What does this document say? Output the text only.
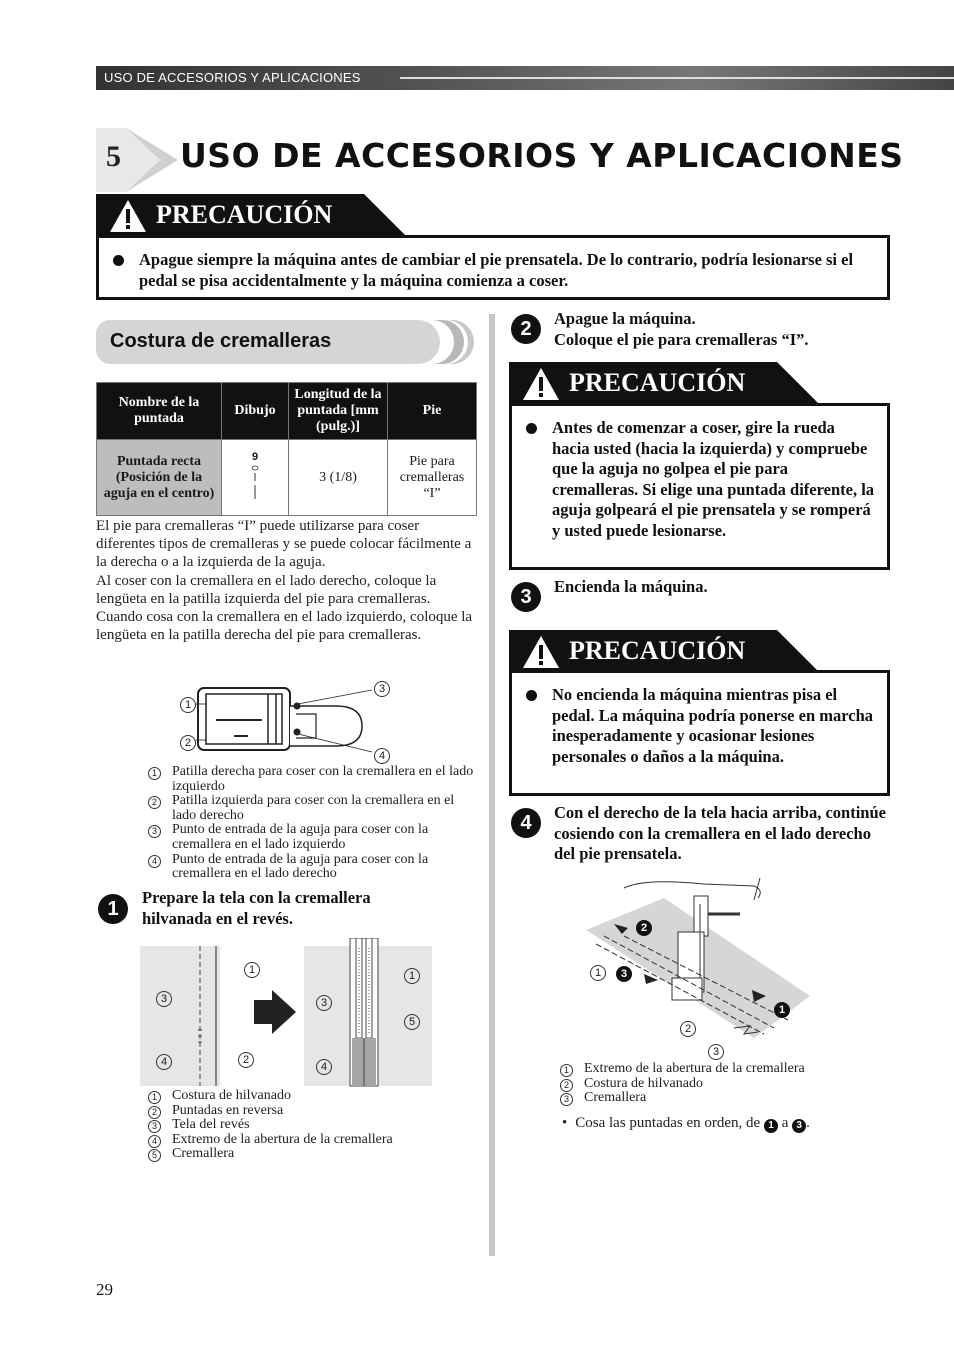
USO DE ACCESORIOS Y APLICACIONES
5 USO DE ACCESORIOS Y APLICACIONES
PRECAUCIÓN
Apague siempre la máquina antes de cambiar el pie prensatela. De lo contrario, podría lesionarse si el pedal se pisa accidentalmente y la máquina comienza a coser.
Costura de cremalleras
Nombre de la puntada	Dibujo	Longitud de la puntada [mm (pulg.)]	Pie
Puntada recta (Posición de la aguja en el centro)	9	3 (1/8)	Pie para cremalleras “I”
El pie para cremalleras “I” puede utilizarse para coser diferentes tipos de cremalleras y se puede colocar fácilmente a la derecha o a la izquierda de la aguja.
Al coser con la cremallera en el lado derecho, coloque la lengüeta en la patilla izquierda del pie para cremalleras. Cuando cosa con la cremallera en el lado izquierdo, coloque la lengüeta en la patilla derecha del pie para cremalleras.
1
2
3
4
1 Patilla derecha para coser con la cremallera en el lado izquierdo
2 Patilla izquierda para coser con la cremallera en el lado derecho
3 Punto de entrada de la aguja para coser con la cremallera en el lado izquierdo
4 Punto de entrada de la aguja para coser con la cremallera en el lado derecho
1
Prepare la tela con la cremallera hilvanada en el revés.
3
4
1
2
3
4
1
5
1 Costura de hilvanado
2 Puntadas en reversa
3 Tela del revés
4 Extremo de la abertura de la cremallera
5 Cremallera
2	Apague la máquina.
Coloque el pie para cremalleras “I”.
PRECAUCIÓN
Antes de comenzar a coser, gire la rueda hacia usted (hacia la izquierda) y compruebe que la aguja no golpea el pie para cremalleras. Si elige una puntada diferente, la aguja golpeará el pie prensatela y se romperá y usted puede lesionarse.
3	Encienda la máquina.
PRECAUCIÓN
No encienda la máquina mientras pisa el pedal. La máquina podría ponerse en marcha inesperadamente y ocasionar lesiones personales o daños a la máquina.
4	Con el derecho de la tela hacia arriba, continúe cosiendo con la cremallera en el lado derecho del pie prensatela.
1
2
3
2
3
1
1 Extremo de la abertura de la cremallera
2 Costura de hilvanado
3 Cremallera
• Cosa las puntadas en orden, de 1 a 3 .
29
